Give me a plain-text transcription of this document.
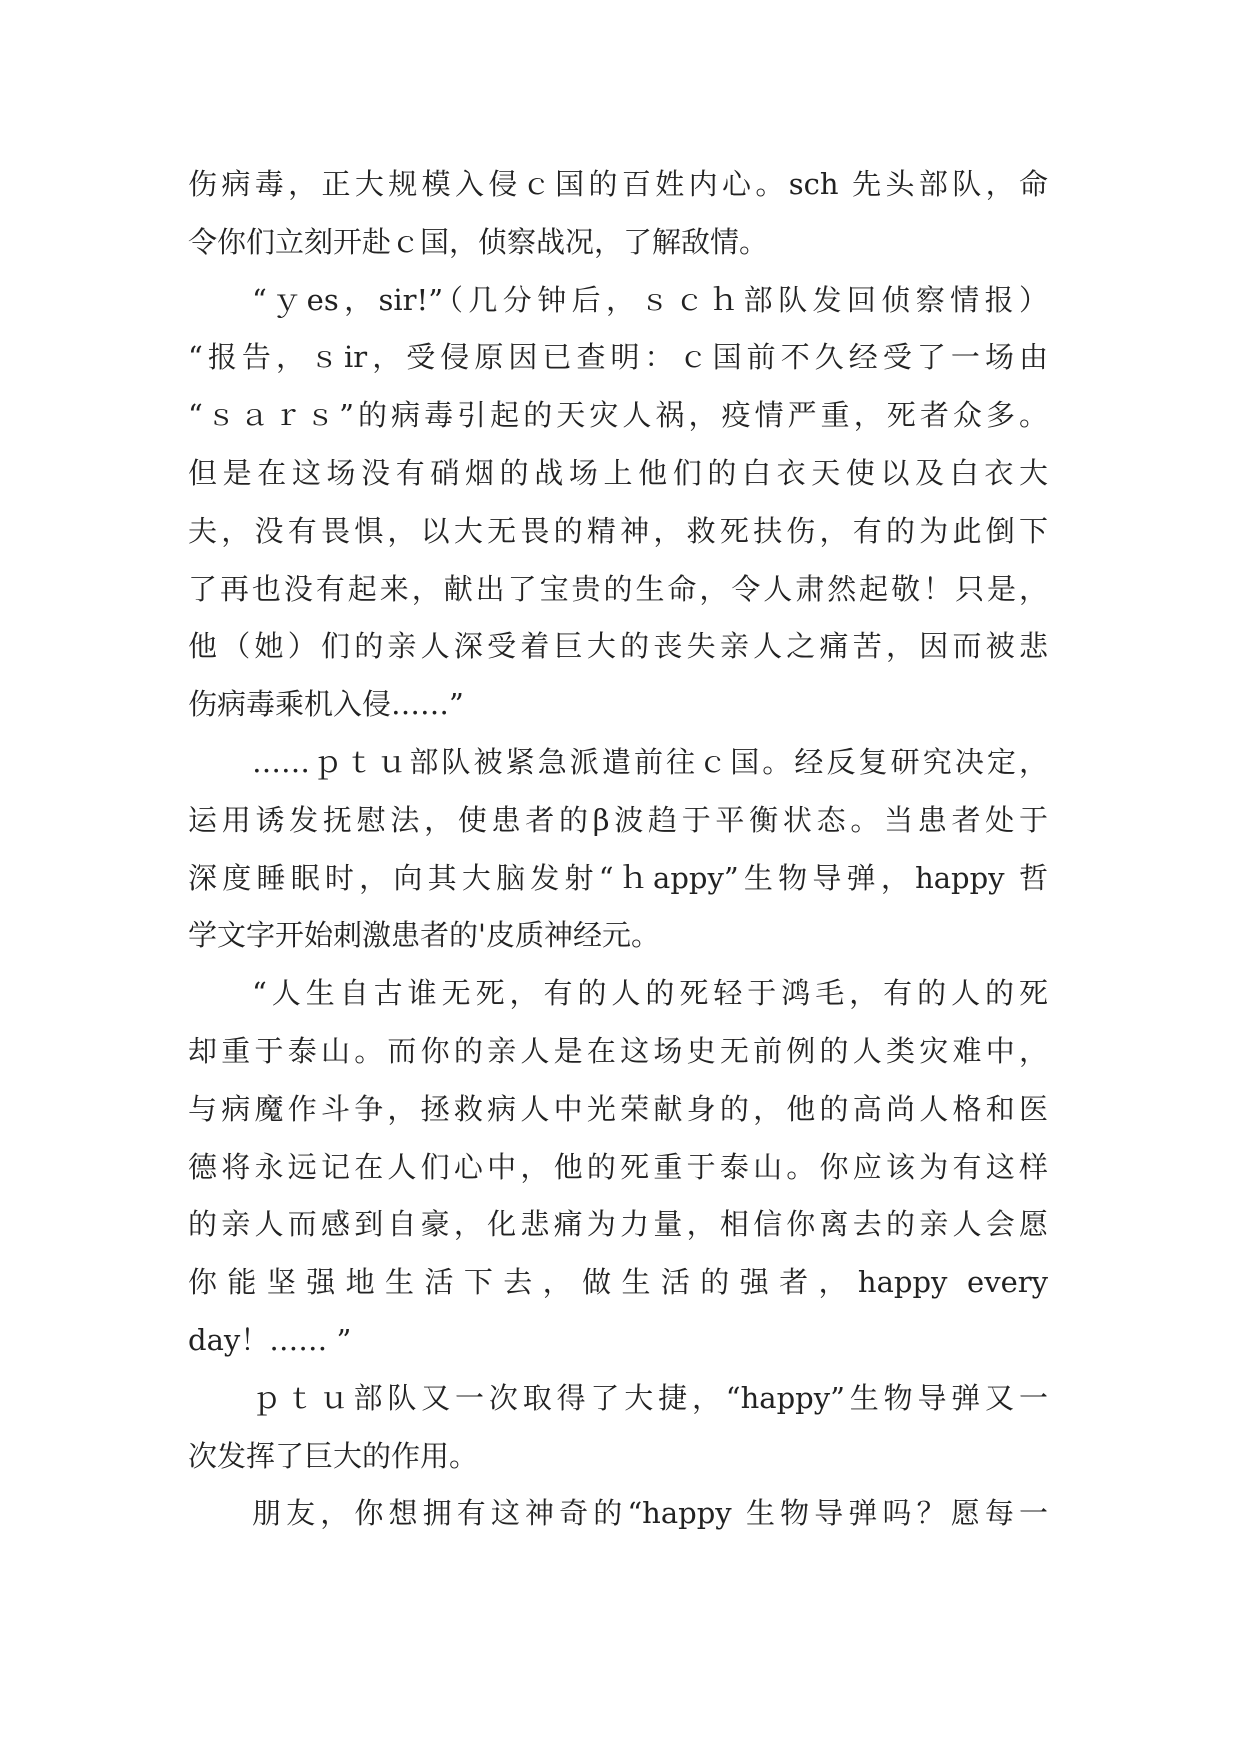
伤病毒，正大规模入侵ｃ国的百姓内心。sch 先头部队，命
令你们立刻开赴ｃ国，侦察战况，了解敌情。
“ｙes，sir!”（几分钟后，ｓｃｈ部队发回侦察情报）
“报告，ｓir，受侵原因已查明：ｃ国前不久经受了一场由
“ｓａｒｓ”的病毒引起的天灾人祸，疫情严重，死者众多。
但是在这场没有硝烟的战场上他们的白衣天使以及白衣大
夫，没有畏惧，以大无畏的精神，救死扶伤，有的为此倒下
了再也没有起来，献出了宝贵的生命，令人肃然起敬！只是，
他（她）们的亲人深受着巨大的丧失亲人之痛苦，因而被悲
伤病毒乘机入侵……”
……ｐｔｕ部队被紧急派遣前往ｃ国。经反复研究决定，
运用诱发抚慰法，使患者的β波趋于平衡状态。当患者处于
深度睡眠时，向其大脑发射“ｈappy”生物导弹，happy 哲
学文字开始刺激患者的'皮质神经元。
“人生自古谁无死，有的人的死轻于鸿毛，有的人的死
却重于泰山。而你的亲人是在这场史无前例的人类灾难中，
与病魔作斗争，拯救病人中光荣献身的，他的高尚人格和医
德将永远记在人们心中，他的死重于泰山。你应该为有这样
的亲人而感到自豪，化悲痛为力量，相信你离去的亲人会愿
你能坚强地生活下去，做生活的强者，happy every
day！…… ”
ｐｔｕ部队又一次取得了大捷，“happy”生物导弹又一
次发挥了巨大的作用。
朋友，你想拥有这神奇的“happy 生物导弹吗？愿每一
